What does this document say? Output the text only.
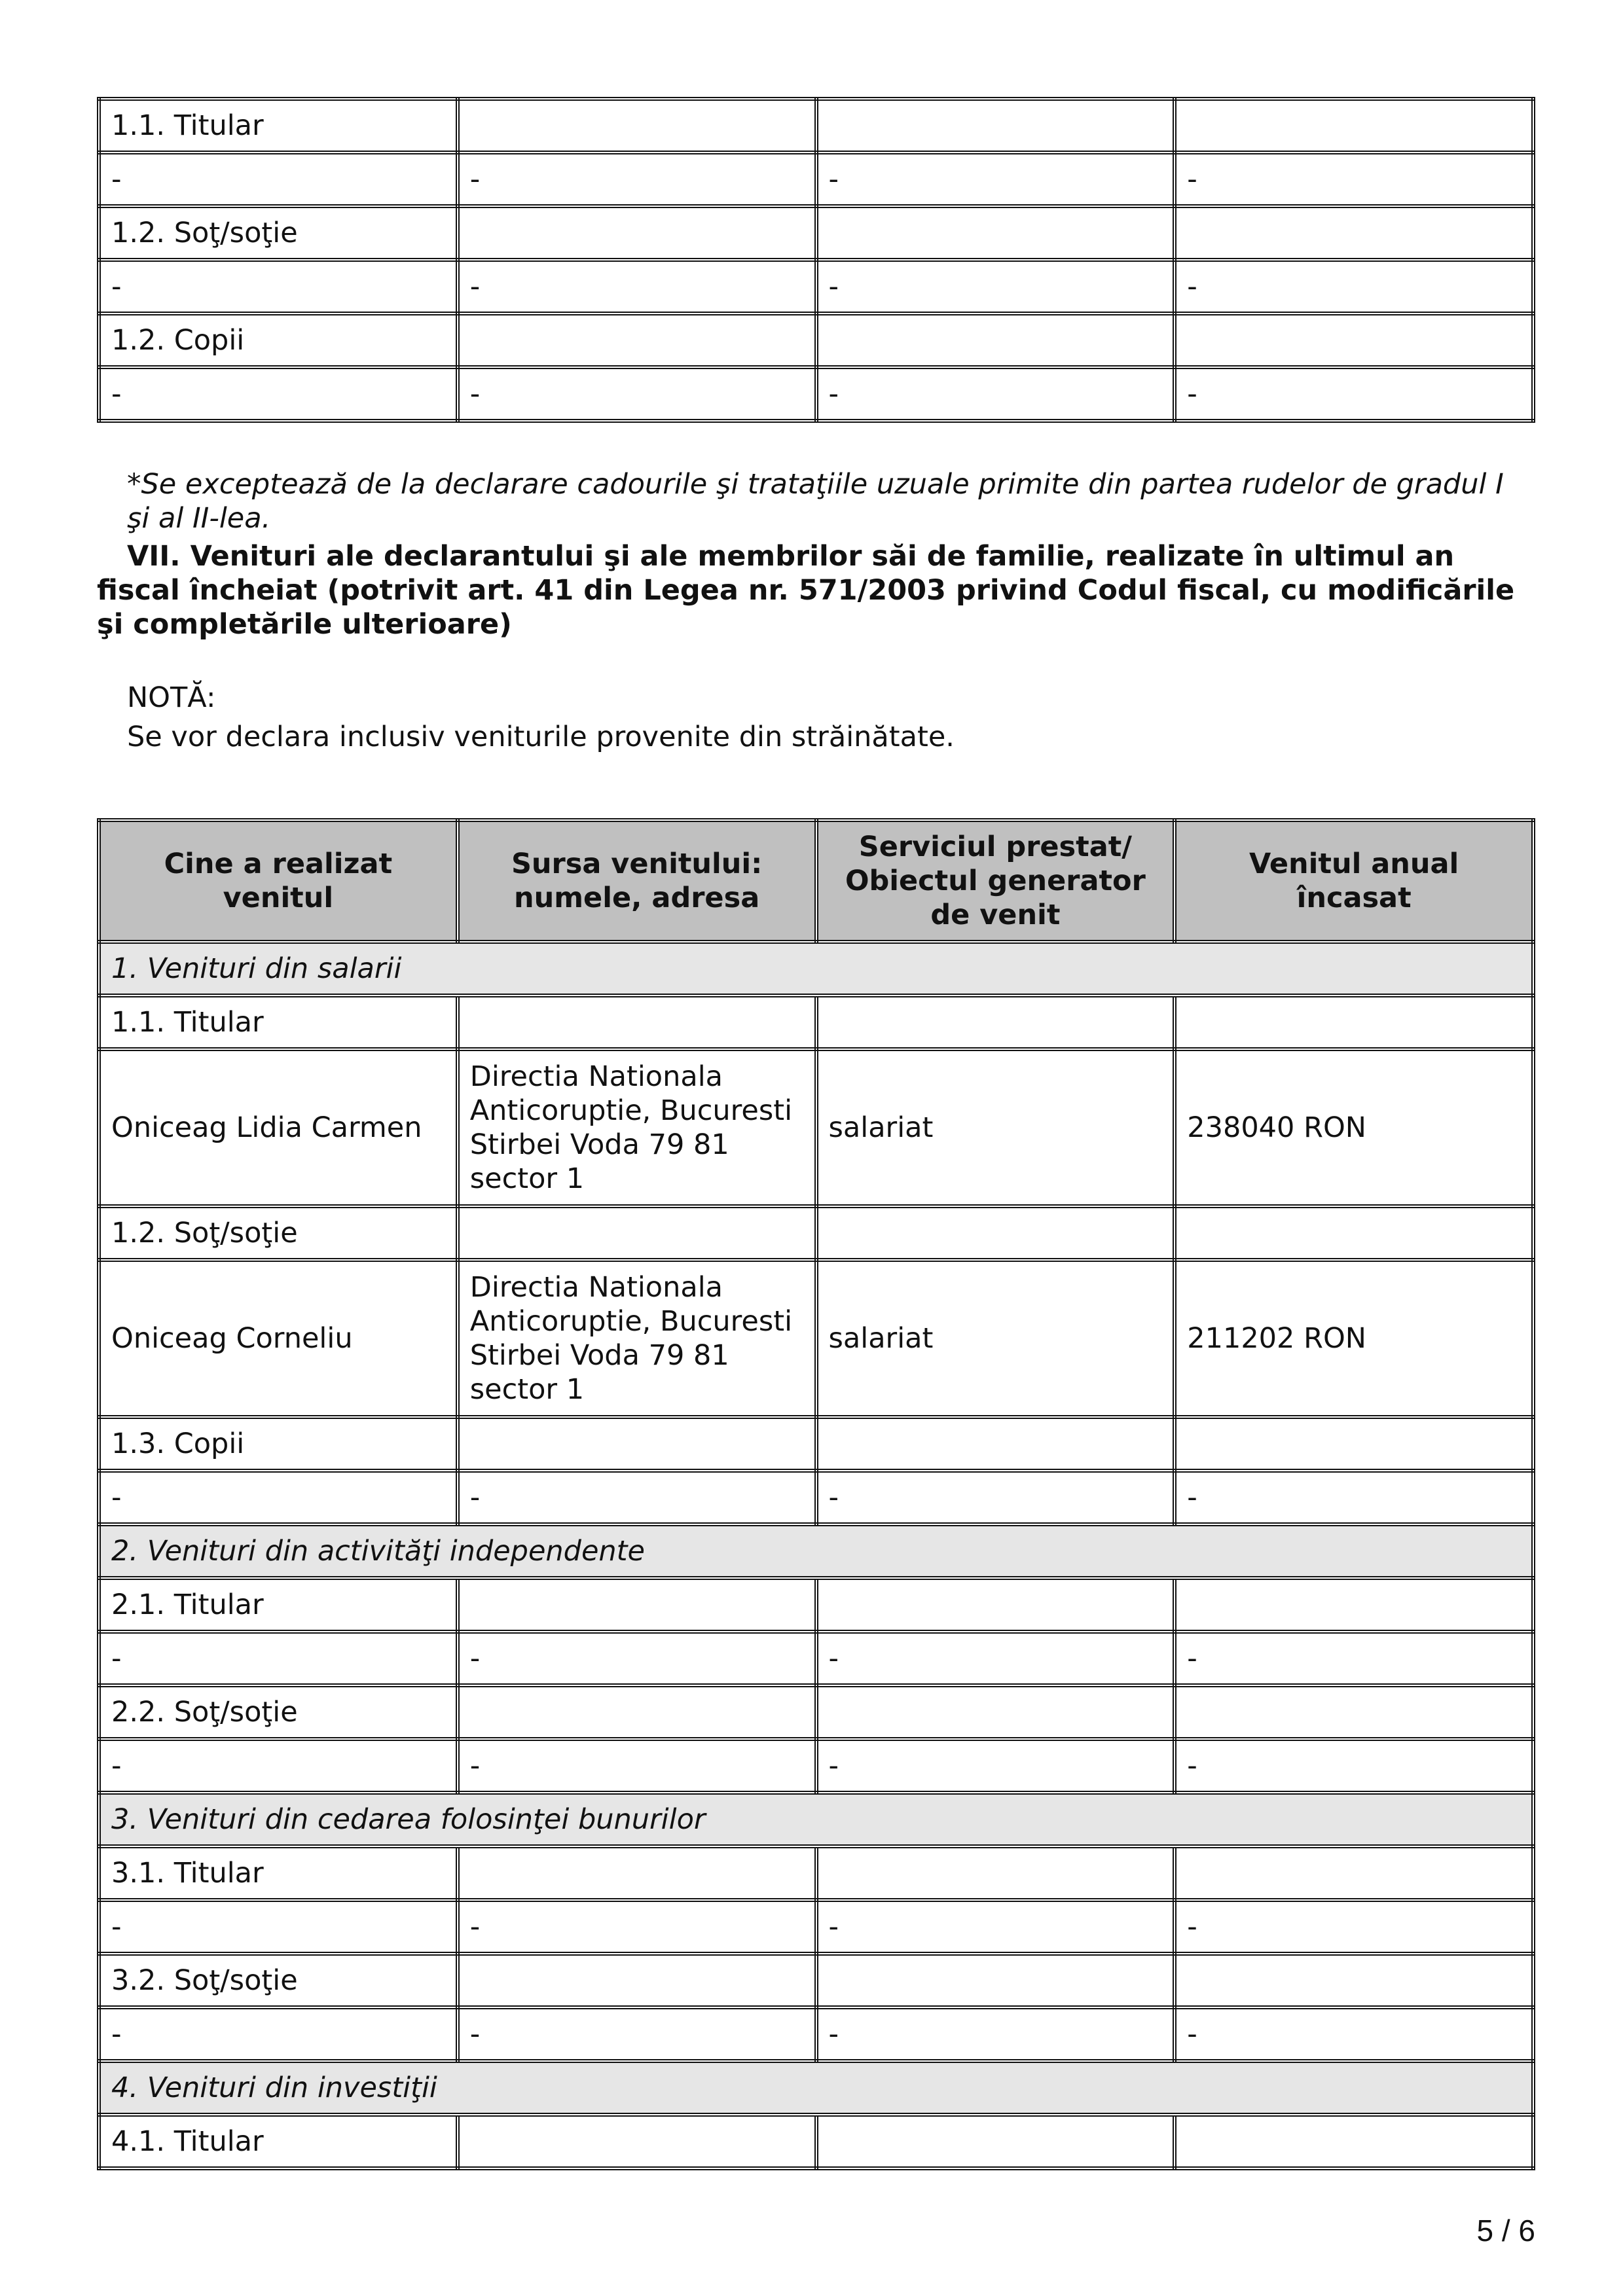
1.1. Titular			
-	-	-	-
1.2. Soţ/soţie			
-	-	-	-
1.2. Copii			
-	-	-	-

*Se exceptează de la declarare cadourile şi trataţiile uzuale primite din partea rudelor de gradul I şi al II-lea.

VII. Venituri ale declarantului şi ale membrilor săi de familie, realizate în ultimul an fiscal încheiat (potrivit art. 41 din Legea nr. 571/2003 privind Codul fiscal, cu modificările şi completările ulterioare)

NOTĂ:

Se vor declara inclusiv veniturile provenite din străinătate.

Cine a realizat venitul	Sursa venitului: numele, adresa	Serviciul prestat/ Obiectul generator de venit	Venitul anual încasat
1. Venituri din salarii			
1.1. Titular			
Oniceag Lidia Carmen	Directia Nationala Anticoruptie, Bucuresti Stirbei Voda 79 81 sector 1	salariat	238040 RON
1.2. Soţ/soţie			
Oniceag Corneliu	Directia Nationala Anticoruptie, Bucuresti Stirbei Voda 79 81 sector 1	salariat	211202 RON
1.3. Copii			
-	-	-	-
2. Venituri din activităţi independente			
2.1. Titular			
-	-	-	-
2.2. Soţ/soţie			
-	-	-	-
3. Venituri din cedarea folosinţei bunurilor			
3.1. Titular			
-	-	-	-
3.2. Soţ/soţie			
-	-	-	-
4. Venituri din investiţii			
4.1. Titular			
5 / 6
